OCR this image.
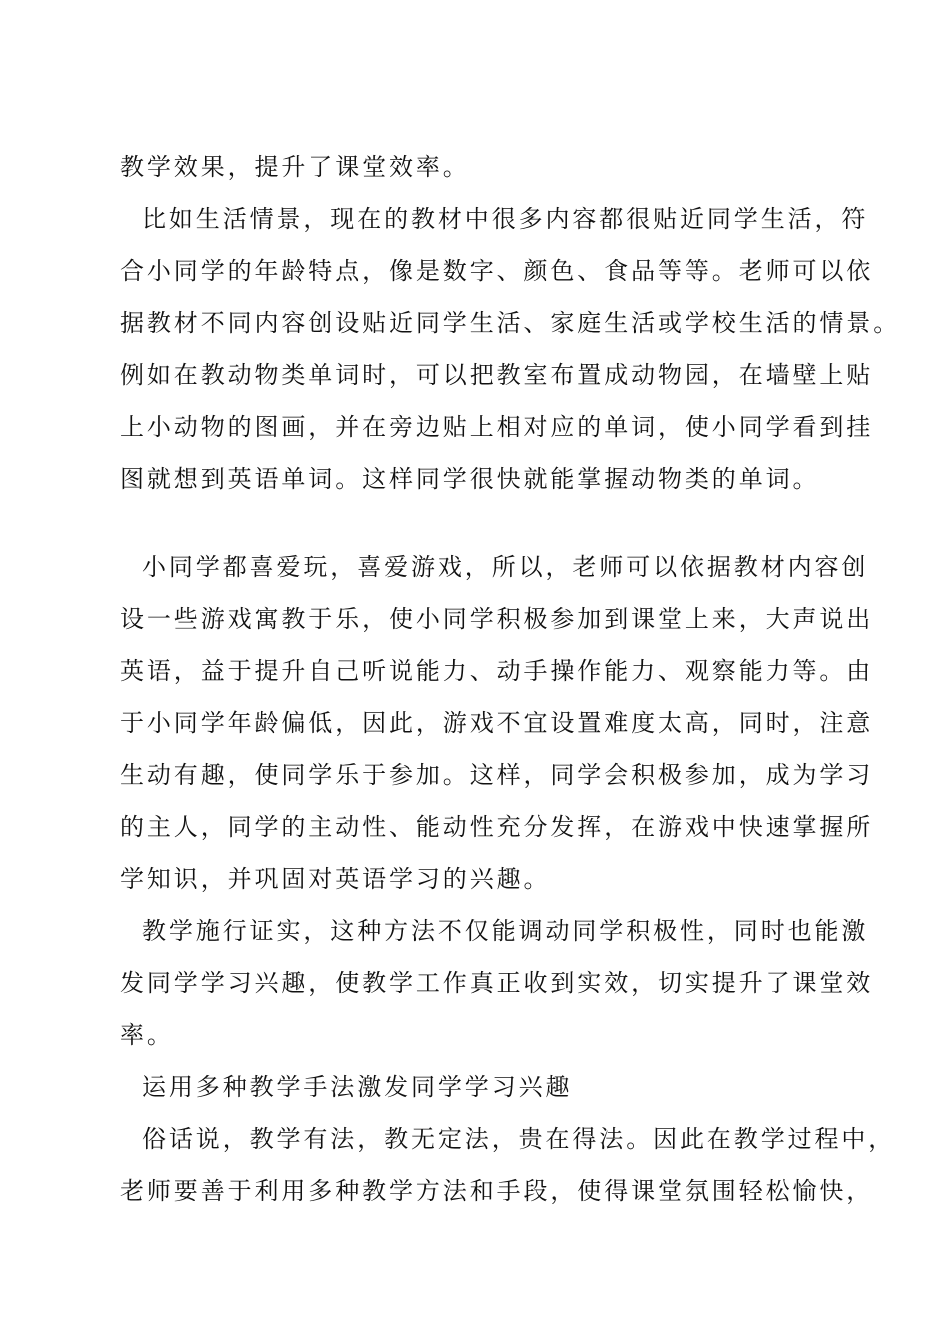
教学效果，提升了课堂效率。
比如生活情景，现在的教材中很多内容都很贴近同学生活，符
合小同学的年龄特点，像是数字、颜色、食品等等。老师可以依
据教材不同内容创设贴近同学生活、家庭生活或学校生活的情景。
例如在教动物类单词时，可以把教室布置成动物园，在墙壁上贴
上小动物的图画，并在旁边贴上相对应的单词，使小同学看到挂
图就想到英语单词。这样同学很快就能掌握动物类的单词。
小同学都喜爱玩，喜爱游戏，所以，老师可以依据教材内容创
设一些游戏寓教于乐，使小同学积极参加到课堂上来，大声说出
英语，益于提升自己听说能力、动手操作能力、观察能力等。由
于小同学年龄偏低，因此，游戏不宜设置难度太高，同时，注意
生动有趣，使同学乐于参加。这样，同学会积极参加，成为学习
的主人，同学的主动性、能动性充分发挥，在游戏中快速掌握所
学知识，并巩固对英语学习的兴趣。
教学施行证实，这种方法不仅能调动同学积极性，同时也能激
发同学学习兴趣，使教学工作真正收到实效，切实提升了课堂效
率。
运用多种教学手法激发同学学习兴趣
俗话说，教学有法，教无定法，贵在得法。因此在教学过程中，
老师要善于利用多种教学方法和手段，使得课堂氛围轻松愉快，
